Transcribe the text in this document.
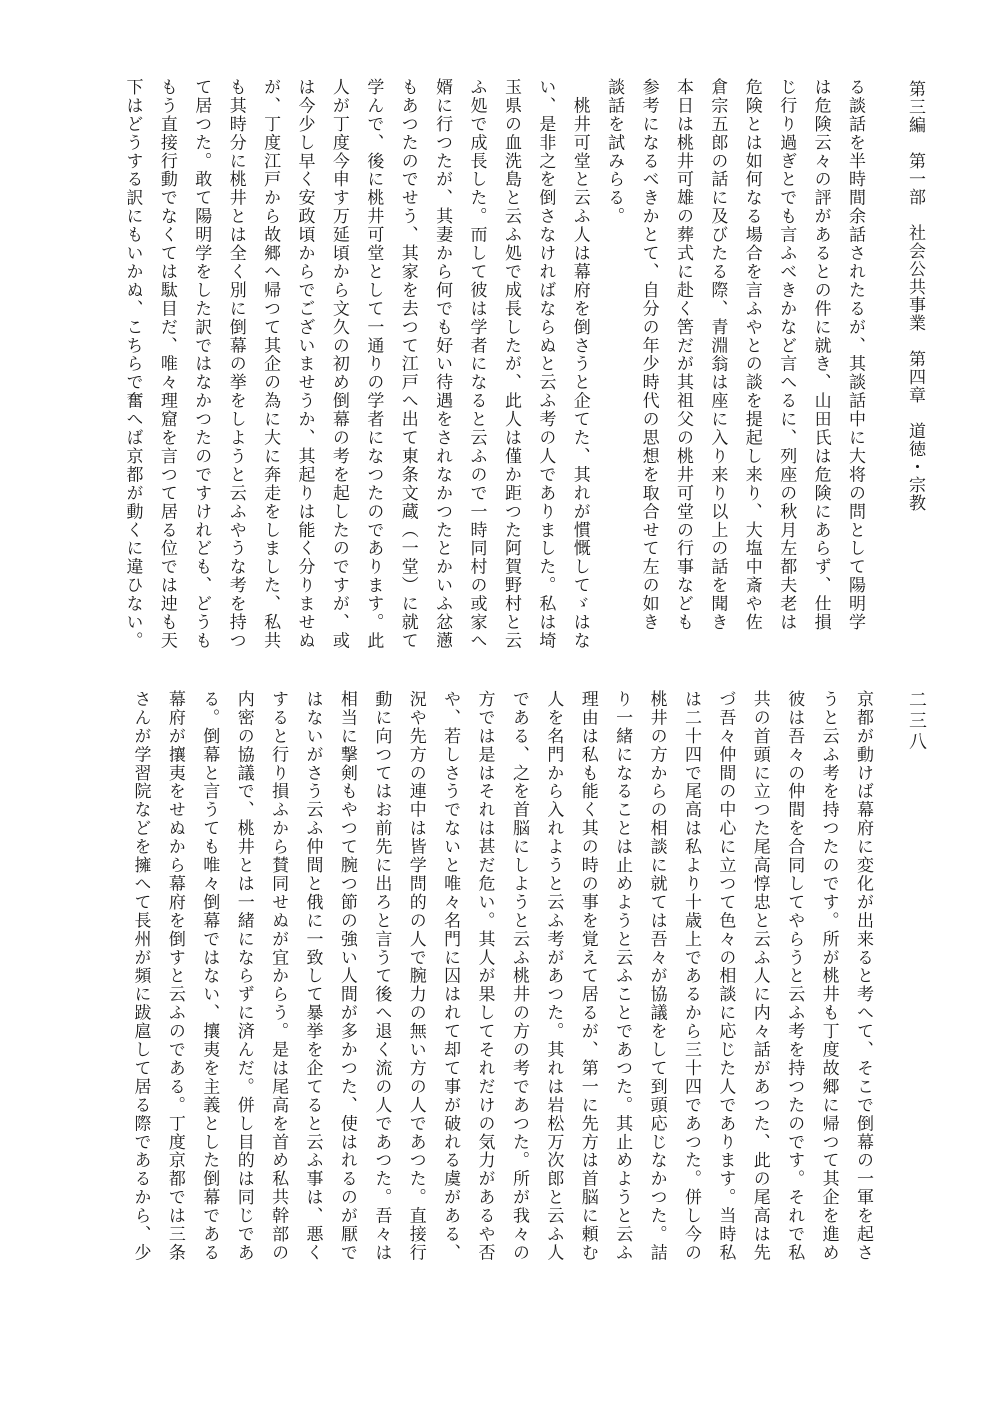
第三編　第一部　社会公共事業　第四章　道徳・宗教
二三八
る談話を半時間余話されたるが、其談話中に大将の問として陽明学
は危険云々の評があるとの件に就き、山田氏は危険にあらず、仕損
じ行り過ぎとでも言ふべきかなど言へるに、列座の秋月左都夫老は
危険とは如何なる場合を言ふやとの談を提起し来り、大塩中斎や佐
倉宗五郎の話に及びたる際、青淵翁は座に入り来り以上の話を聞き
本日は桃井可雄の葬式に赴く筈だが其祖父の桃井可堂の行事なども
参考になるべきかとて、自分の年少時代の思想を取合せて左の如き
談話を試みらる。
　桃井可堂と云ふ人は幕府を倒さうと企てた、其れが慣慨してゞはな
い、是非之を倒さなければならぬと云ふ考の人でありました。私は埼
玉県の血洗島と云ふ処で成長したが、此人は僅か距つた阿賀野村と云
ふ処で成長した。而して彼は学者になると云ふので一時同村の或家へ
婿に行つたが、其妻から何でも好い待遇をされなかつたとかいふ忿懣
もあつたのでせう、其家を去つて江戸へ出て東条文蔵（一堂）に就て
学んで、後に桃井可堂として一通りの学者になつたのであります。此
人が丁度今申す万延頃から文久の初め倒幕の考を起したのですが、或
は今少し早く安政頃からでございませうか、其起りは能く分りませぬ
が、丁度江戸から故郷へ帰つて其企の為に大に奔走をしました、私共
も其時分に桃井とは全く別に倒幕の挙をしようと云ふやうな考を持つ
て居つた。敢て陽明学をした訳ではなかつたのですけれども、どうも
もう直接行動でなくては駄目だ、唯々理窟を言つて居る位では迚も天
下はどうする訳にもいかぬ、こちらで奮へば京都が動くに違ひない。
京都が動けば幕府に変化が出来ると考へて、そこで倒幕の一軍を起さ
うと云ふ考を持つたのです。所が桃井も丁度故郷に帰つて其企を進め
彼は吾々の仲間を合同してやらうと云ふ考を持つたのです。それで私
共の首頭に立つた尾高惇忠と云ふ人に内々話があつた、此の尾高は先
づ吾々仲間の中心に立つて色々の相談に応じた人であります。当時私
は二十四で尾高は私より十歳上であるから三十四であつた。併し今の
桃井の方からの相談に就ては吾々が協議をして到頭応じなかつた。詰
り一緒になることは止めようと云ふことであつた。其止めようと云ふ
理由は私も能く其の時の事を覚えて居るが、第一に先方は首脳に頼む
人を名門から入れようと云ふ考があつた。其れは岩松万次郎と云ふ人
である、之を首脳にしようと云ふ桃井の方の考であつた。所が我々の
方では是はそれは甚だ危い。其人が果してそれだけの気力があるや否
や、若しさうでないと唯々名門に囚はれて却て事が破れる虞がある、
況や先方の連中は皆学問的の人で腕力の無い方の人であつた。直接行
動に向つてはお前先に出ろと言うて後へ退く流の人であつた。吾々は
相当に撃剣もやつて腕つ節の強い人間が多かつた、使はれるのが厭で
はないがさう云ふ仲間と俄に一致して暴挙を企てると云ふ事は、悪く
すると行り損ふから賛同せぬが宜からう。是は尾高を首め私共幹部の
内密の協議で、桃井とは一緒にならずに済んだ。併し目的は同じであ
る。倒幕と言うても唯々倒幕ではない、攘夷を主義とした倒幕である
幕府が攘夷をせぬから幕府を倒すと云ふのである。丁度京都では三条
さんが学習院などを擁へて長州が頻に跋扈して居る際であるから、少
